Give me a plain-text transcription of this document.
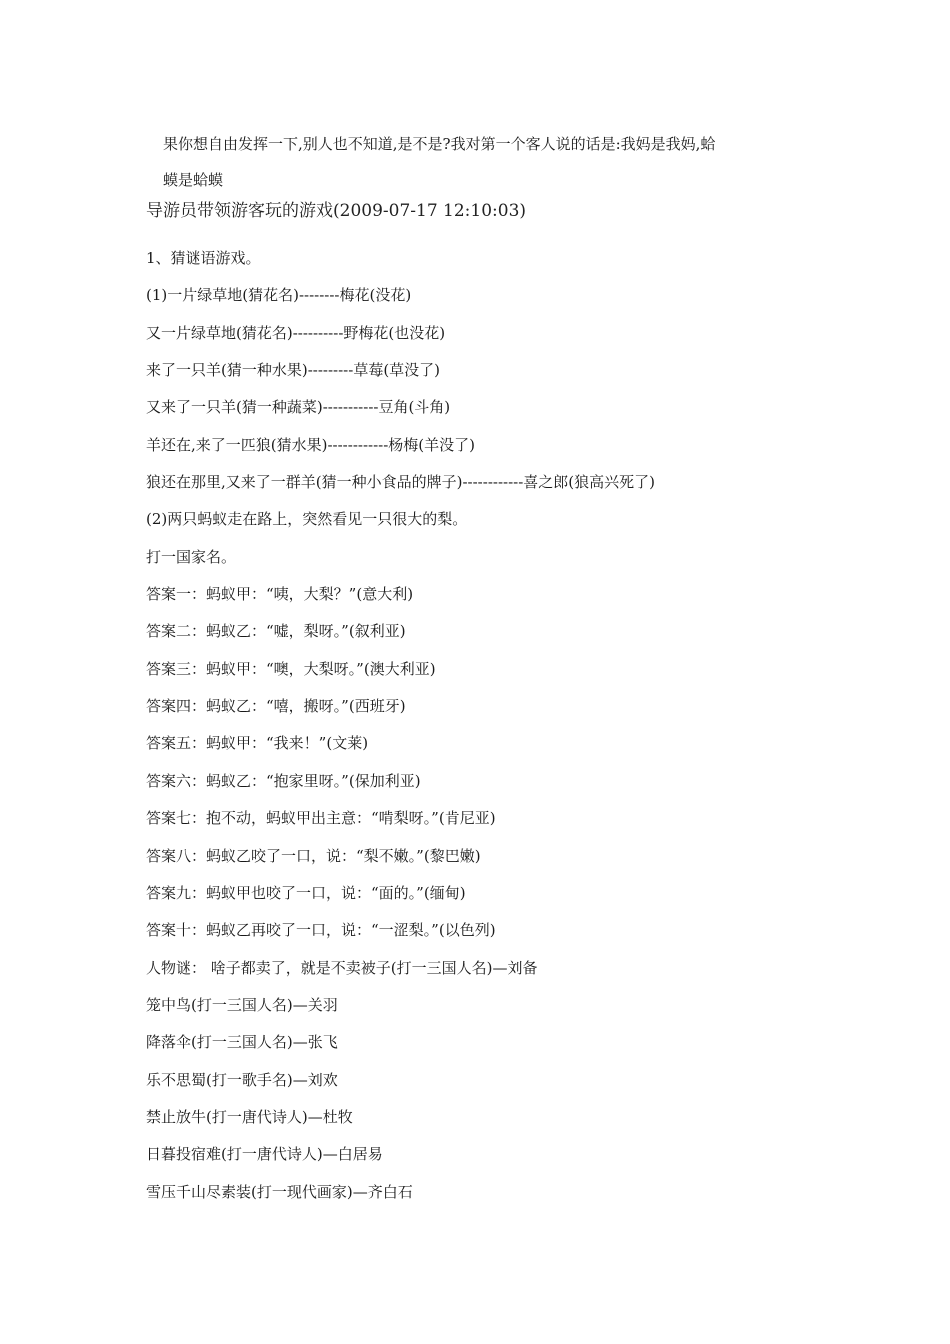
果你想自由发挥一下,别人也不知道,是不是?我对第一个客人说的话是:我妈是我妈,蛤
蟆是蛤蟆
导游员带领游客玩的游戏(2009-07-17 12:10:03)
1、猜谜语游戏。
(1)一片绿草地(猜花名)--------梅花(没花)
又一片绿草地(猜花名)----------野梅花(也没花)
来了一只羊(猜一种水果)---------草莓(草没了)
又来了一只羊(猜一种蔬菜)-----------豆角(斗角)
羊还在,来了一匹狼(猜水果)------------杨梅(羊没了)
狼还在那里,又来了一群羊(猜一种小食品的牌子)------------喜之郎(狼高兴死了)
(2)两只蚂蚁走在路上，突然看见一只很大的梨。
打一国家名。
答案一：蚂蚁甲：“咦，大梨？”(意大利)
答案二：蚂蚁乙：“嘘，梨呀。”(叙利亚)
答案三：蚂蚁甲：“噢，大梨呀。”(澳大利亚)
答案四：蚂蚁乙：“嘻，搬呀。”(西班牙)
答案五：蚂蚁甲：“我来！”(文莱)
答案六：蚂蚁乙：“抱家里呀。”(保加利亚)
答案七：抱不动，蚂蚁甲出主意：“啃梨呀。”(肯尼亚)
答案八：蚂蚁乙咬了一口，说：“梨不嫩。”(黎巴嫩)
答案九：蚂蚁甲也咬了一口，说：“面的。”(缅甸)
答案十：蚂蚁乙再咬了一口，说：“一涩梨。”(以色列)
人物谜： 啥子都卖了，就是不卖被子(打一三国人名)—刘备
笼中鸟(打一三国人名)—关羽
降落伞(打一三国人名)—张飞
乐不思蜀(打一歌手名)—刘欢
禁止放牛(打一唐代诗人)—杜牧
日暮投宿难(打一唐代诗人)—白居易
雪压千山尽素装(打一现代画家)—齐白石
